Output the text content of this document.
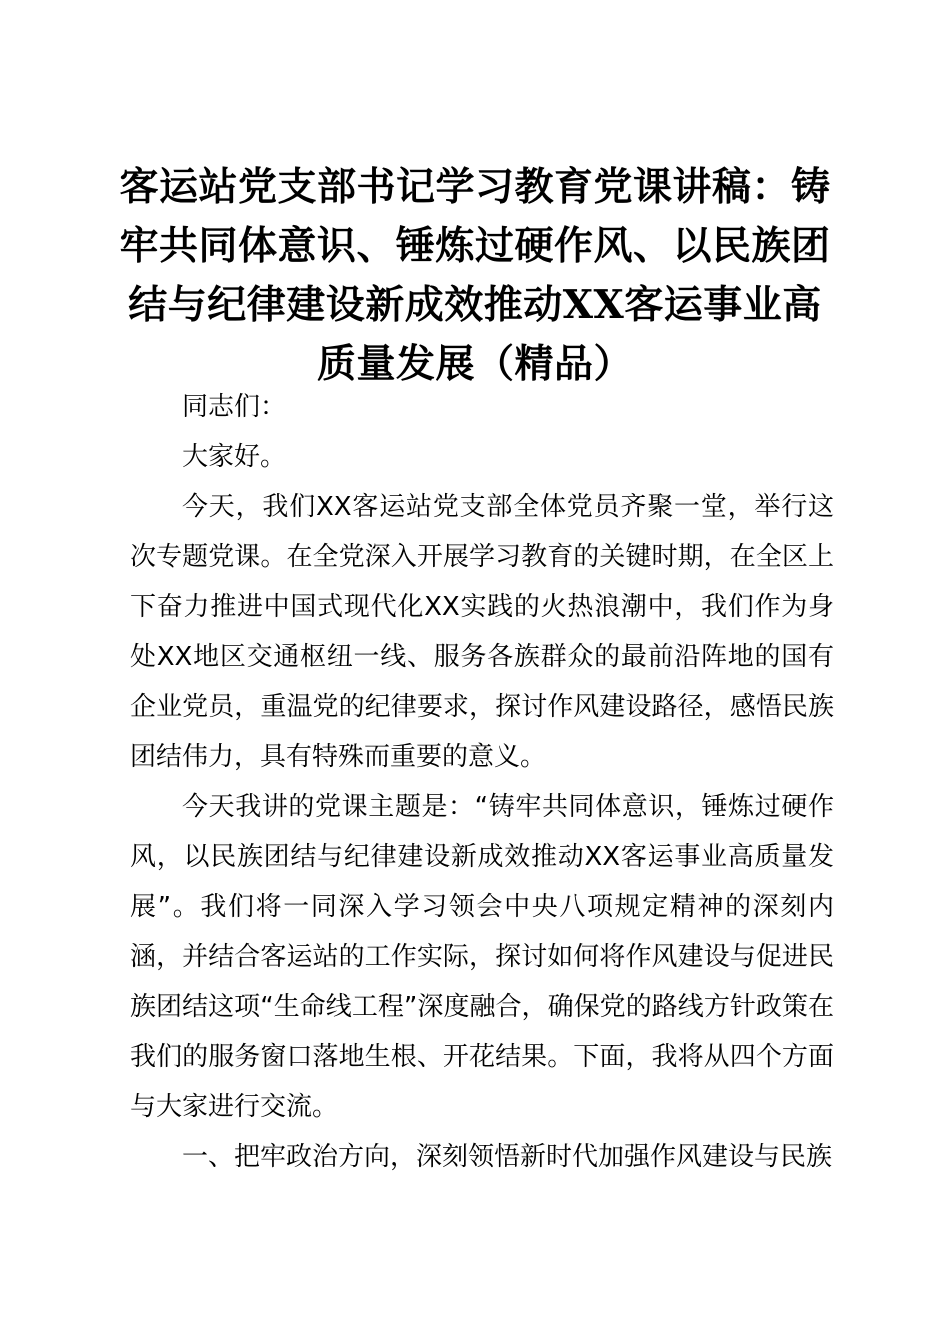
客运站党支部书记学习教育党课讲稿：铸牢共同体意识、锤炼过硬作风、以民族团结与纪律建设新成效推动XX客运事业高质量发展（精品）

同志们：

大家好。

今天，我们XX客运站党支部全体党员齐聚一堂，举行这次专题党课。在全党深入开展学习教育的关键时期，在全区上下奋力推进中国式现代化XX实践的火热浪潮中，我们作为身处XX地区交通枢纽一线、服务各族群众的最前沿阵地的国有企业党员，重温党的纪律要求，探讨作风建设路径，感悟民族团结伟力，具有特殊而重要的意义。

今天我讲的党课主题是：“铸牢共同体意识，锤炼过硬作风，以民族团结与纪律建设新成效推动XX客运事业高质量发展”。我们将一同深入学习领会中央八项规定精神的深刻内涵，并结合客运站的工作实际，探讨如何将作风建设与促进民族团结这项“生命线工程”深度融合，确保党的路线方针政策在我们的服务窗口落地生根、开花结果。下面，我将从四个方面与大家进行交流。

一、把牢政治方向，深刻领悟新时代加强作风建设与民族
